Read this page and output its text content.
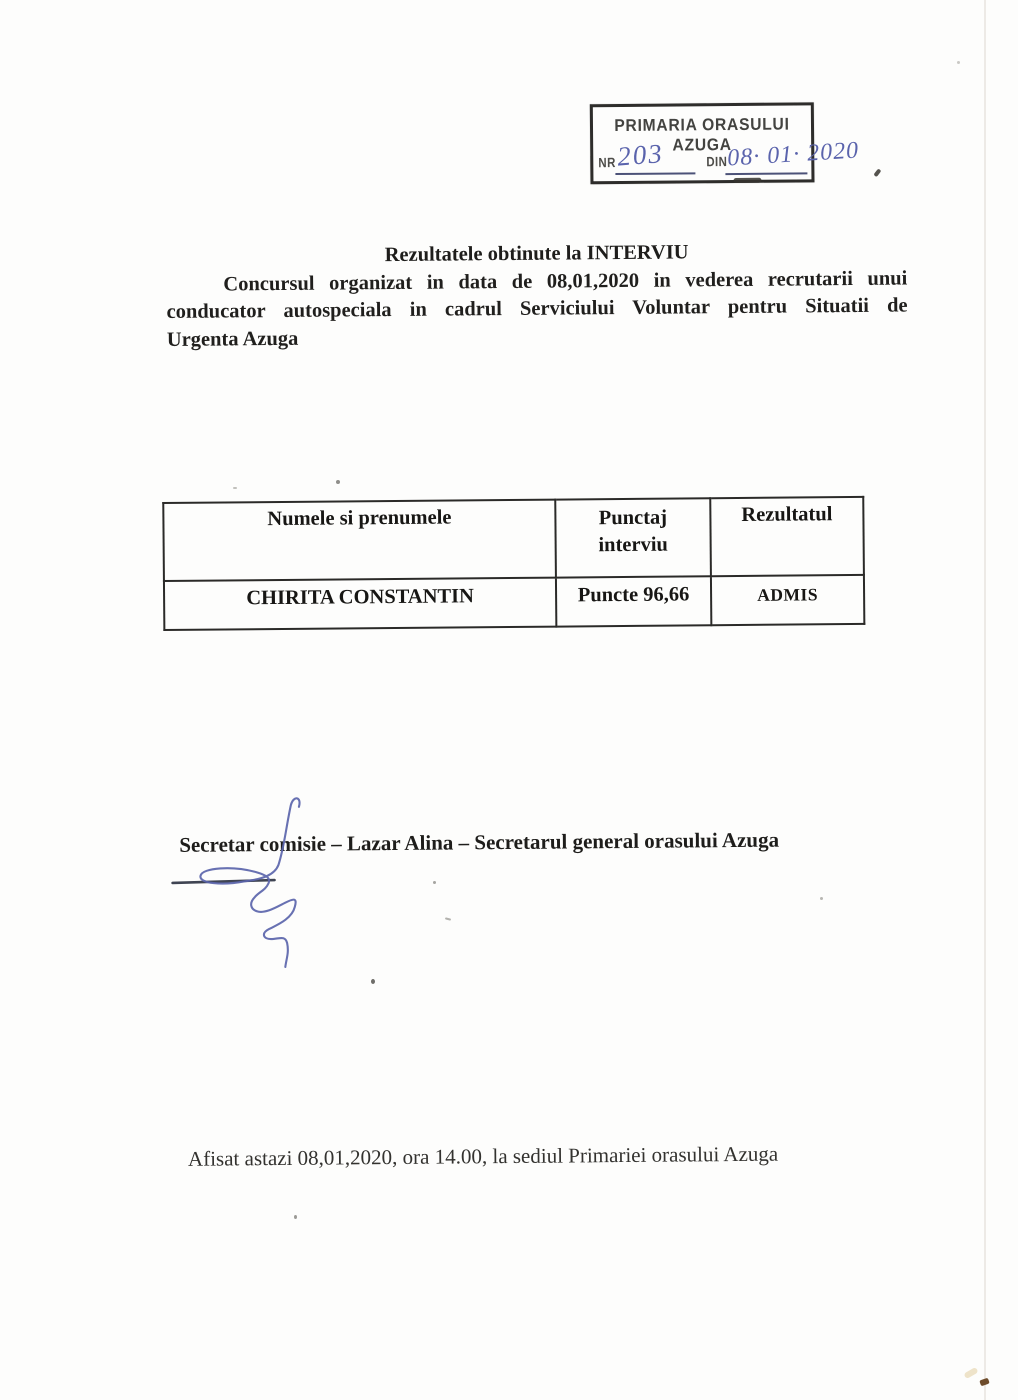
PRIMARIA ORASULUI AZUGA
NR 203	DIN 08· 01· 2020
Rezultatele obtinute la INTERVIU

Concursul organizat in data de 08,01,2020 in vederea recrutarii unui

conducator autospeciala in cadrul Serviciului Voluntar pentru Situatii de

Urgenta Azuga

Numele si prenumele	Punctaj interviu	Rezultatul
CHIRITA CONSTANTIN	Puncte 96,66	ADMIS

Secretar comisie – Lazar Alina – Secretarul general orasului Azuga

Afisat astazi 08,01,2020, ora 14.00, la sediul Primariei orasului Azuga
